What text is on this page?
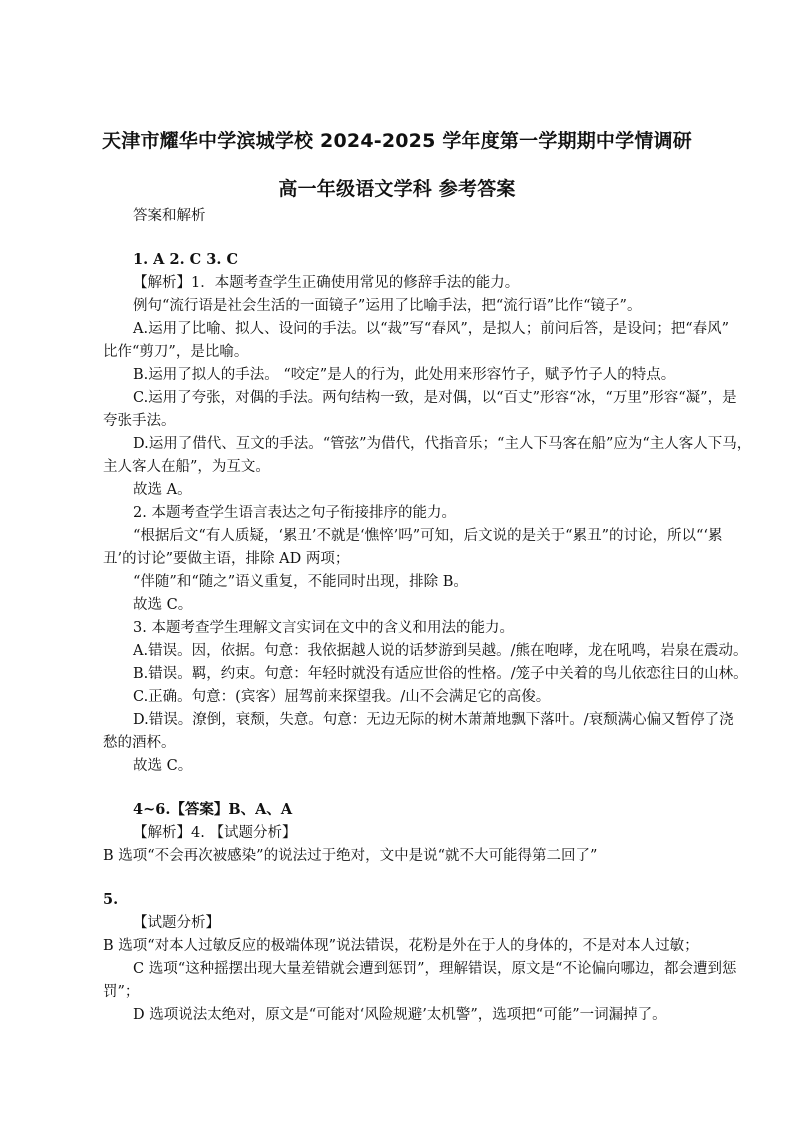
天津市耀华中学滨城学校 2024-2025 学年度第一学期期中学情调研
高一年级语文学科 参考答案
答案和解析
1. A 2. C 3. C
【解析】1．本题考查学生正确使用常见的修辞手法的能力。
例句“流行语是社会生活的一面镜子”运用了比喻手法，把“流行语”比作“镜子”。
A.运用了比喻、拟人、设问的手法。以“裁”写“春风”，是拟人；前问后答，是设问；把“春风”
比作“剪刀”，是比喻。
B.运用了拟人的手法。 “咬定”是人的行为，此处用来形容竹子，赋予竹子人的特点。
C.运用了夸张，对偶的手法。两句结构一致，是对偶，以“百丈”形容“冰，“万里”形容“凝”，是
夸张手法。
D.运用了借代、互文的手法。“管弦”为借代，代指音乐；“主人下马客在船”应为“主人客人下马，
主人客人在船”，为互文。
故选 A。
2. 本题考查学生语言表达之句子衔接排序的能力。
“根据后文“有人质疑，‘累丑’不就是‘憔悴’吗”可知，后文说的是关于“累丑”的讨论，所以“‘累
丑’的讨论”要做主语，排除 AD 两项；
“伴随”和“随之”语义重复，不能同时出现，排除 B。
故选 C。
3. 本题考查学生理解文言实词在文中的含义和用法的能力。
A.错误。因，依据。句意：我依据越人说的话梦游到吴越。/熊在咆哮，龙在吼鸣，岩泉在震动。
B.错误。羁，约束。句意：年轻时就没有适应世俗的性格。/笼子中关着的鸟儿依恋往日的山林。
C.正确。句意：(宾客）屈驾前来探望我。/山不会满足它的高俊。
D.错误。潦倒，衰颓，失意。句意：无边无际的树木萧萧地飘下落叶。/衰颓满心偏又暂停了浇
愁的酒杯。
故选 C。
4~6.【答案】B、A、A
【解析】4. 【试题分析】
B 选项“不会再次被感染”的说法过于绝对，文中是说“就不大可能得第二回了”
5.
【试题分析】
B 选项“对本人过敏反应的极端体现”说法错误，花粉是外在于人的身体的，不是对本人过敏；
C 选项“这种摇摆出现大量差错就会遭到惩罚”，理解错误，原文是“不论偏向哪边，都会遭到惩
罚”；
D 选项说法太绝对，原文是“可能对‘风险规避’太机警”，选项把“可能”一词漏掉了。
